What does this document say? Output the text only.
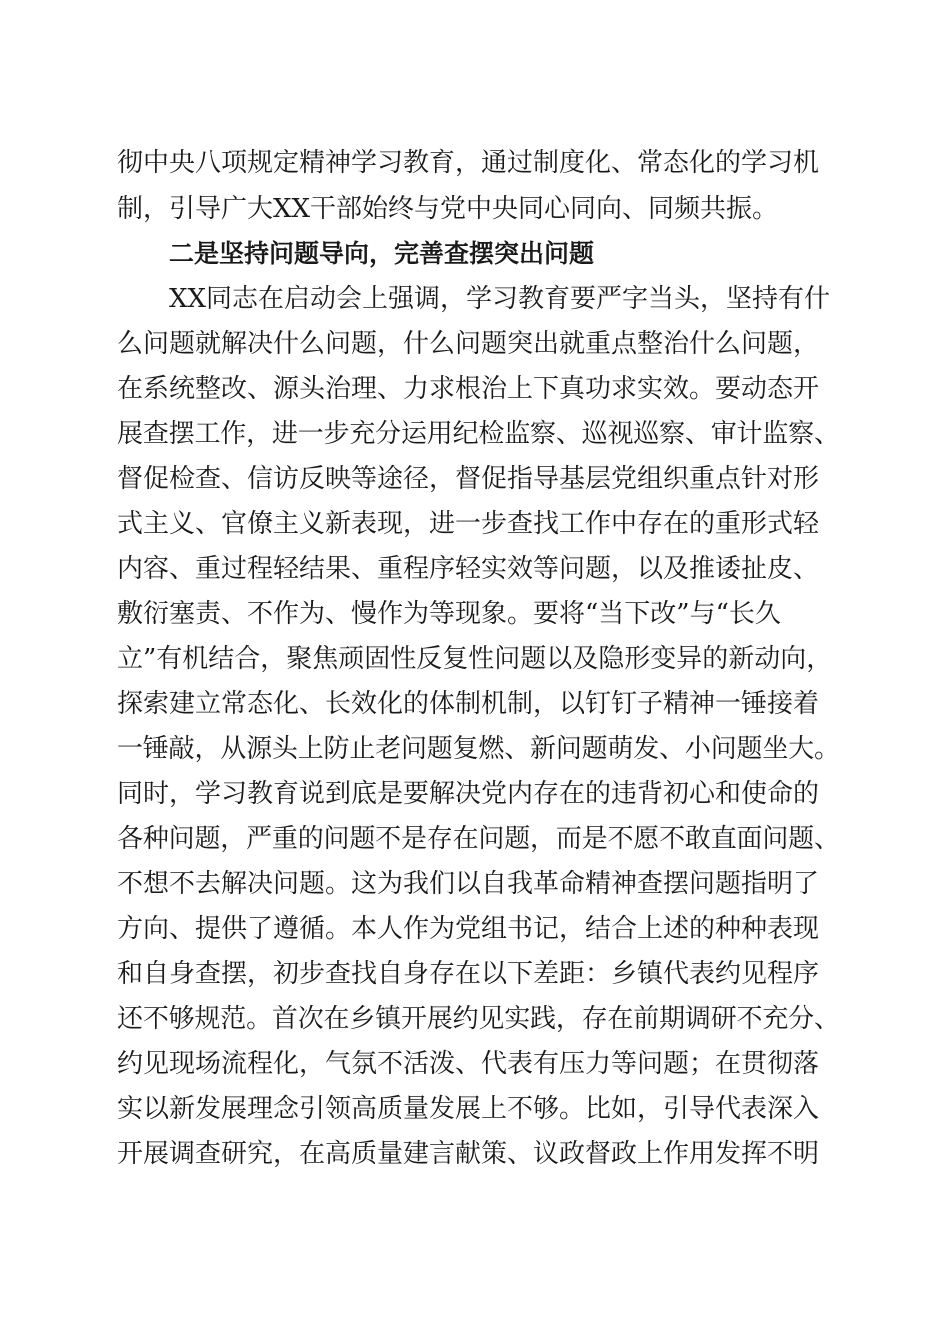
彻中央八项规定精神学习教育，通过制度化、常态化的学习机
制，引导广大XX干部始终与党中央同心同向、同频共振。
二是坚持问题导向，完善查摆突出问题
XX同志在启动会上强调，学习教育要严字当头，坚持有什
么问题就解决什么问题，什么问题突出就重点整治什么问题，
在系统整改、源头治理、力求根治上下真功求实效。要动态开
展查摆工作，进一步充分运用纪检监察、巡视巡察、审计监察、
督促检查、信访反映等途径，督促指导基层党组织重点针对形
式主义、官僚主义新表现，进一步查找工作中存在的重形式轻
内容、重过程轻结果、重程序轻实效等问题，以及推诿扯皮、
敷衍塞责、不作为、慢作为等现象。要将“当下改”与“长久
立”有机结合，聚焦顽固性反复性问题以及隐形变异的新动向，
探索建立常态化、长效化的体制机制，以钉钉子精神一锤接着
一锤敲，从源头上防止老问题复燃、新问题萌发、小问题坐大。
同时，学习教育说到底是要解决党内存在的违背初心和使命的
各种问题，严重的问题不是存在问题，而是不愿不敢直面问题、
不想不去解决问题。这为我们以自我革命精神查摆问题指明了
方向、提供了遵循。本人作为党组书记，结合上述的种种表现
和自身查摆，初步查找自身存在以下差距：乡镇代表约见程序
还不够规范。首次在乡镇开展约见实践，存在前期调研不充分、
约见现场流程化，气氛不活泼、代表有压力等问题；在贯彻落
实以新发展理念引领高质量发展上不够。比如，引导代表深入
开展调查研究，在高质量建言献策、议政督政上作用发挥不明
